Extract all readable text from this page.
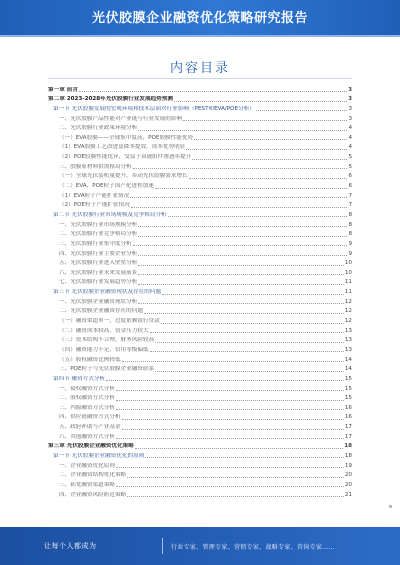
光伏胶膜企业融资优化策略研究报告
内容目录
第一章 前言	3
第二章 2023-2028年光伏胶膜行业发展趋势预测	3
第一节 光伏胶膜发展的宏观环境和技术层面对行业影响（PEST和EVA/POE分析）	3
一、光伏胶膜产品性能对产业链与行业发展的影响	3
二、光伏胶膜行业政策环境分析	4
（一）EVA胶膜——全球集中度高，POE胶膜性能优势	4
（1）EVA胶膜工艺改进及降本提效，成本优势明显	4
（2）POE胶膜性能优异，受益于双玻组件渗透率提升	5
三、胶膜原材料供需格局分析	5
（一）全球光伏装机量提升，带动光伏胶膜需求增长	6
（二）EVA、POE粒子国产化进程加速	6
（1）EVA粒子产能扩张情况	7
（2）POE粒子产能扩张情况	7
第二节 光伏胶膜行业市场规模及竞争格局分析	8
一、光伏胶膜行业市场规模分析	8
二、光伏胶膜行业竞争格局分析	8
三、光伏胶膜行业集中度分析	9
四、光伏胶膜行业主要企业分析	9
五、光伏胶膜行业进入壁垒分析	10
六、光伏胶膜行业未来发展前景	10
七、光伏胶膜行业发展趋势分析	11
第三节 光伏胶膜企业融资现状及存在的问题	11
一、光伏胶膜企业融资现状分析	12
二、光伏胶膜企业融资存在的问题	12
（一）融资渠道单一，过度依赖银行贷款	12
（二）融资成本较高，资金压力较大	13
（三）资本结构不合理，财务风险较高	13
（四）融资能力不足，信用等级偏低	13
（五）股权融资比例较低	14
三、POE粒子与光伏胶膜企业融资联系	14
第四节 融资方式分析	15
一、债权融资方式分析	15
二、股权融资方式分析	15
三、内源融资方式分析	16
四、供应链融资方式分析	16
五、政府补助与产业基金	17
六、其他融资方式分析	17
第三章 光伏胶膜企业融资优化策略	18
第一节 光伏胶膜企业融资优化的原则	18
一、企业融资优化原则	19
二、企业融资结构优化策略	20
三、拓宽融资渠道策略	20
四、企业融资风险防范策略	21
让每个人都成为	行业专家、管理专家、营销专家、战略专家、咨询专家……
